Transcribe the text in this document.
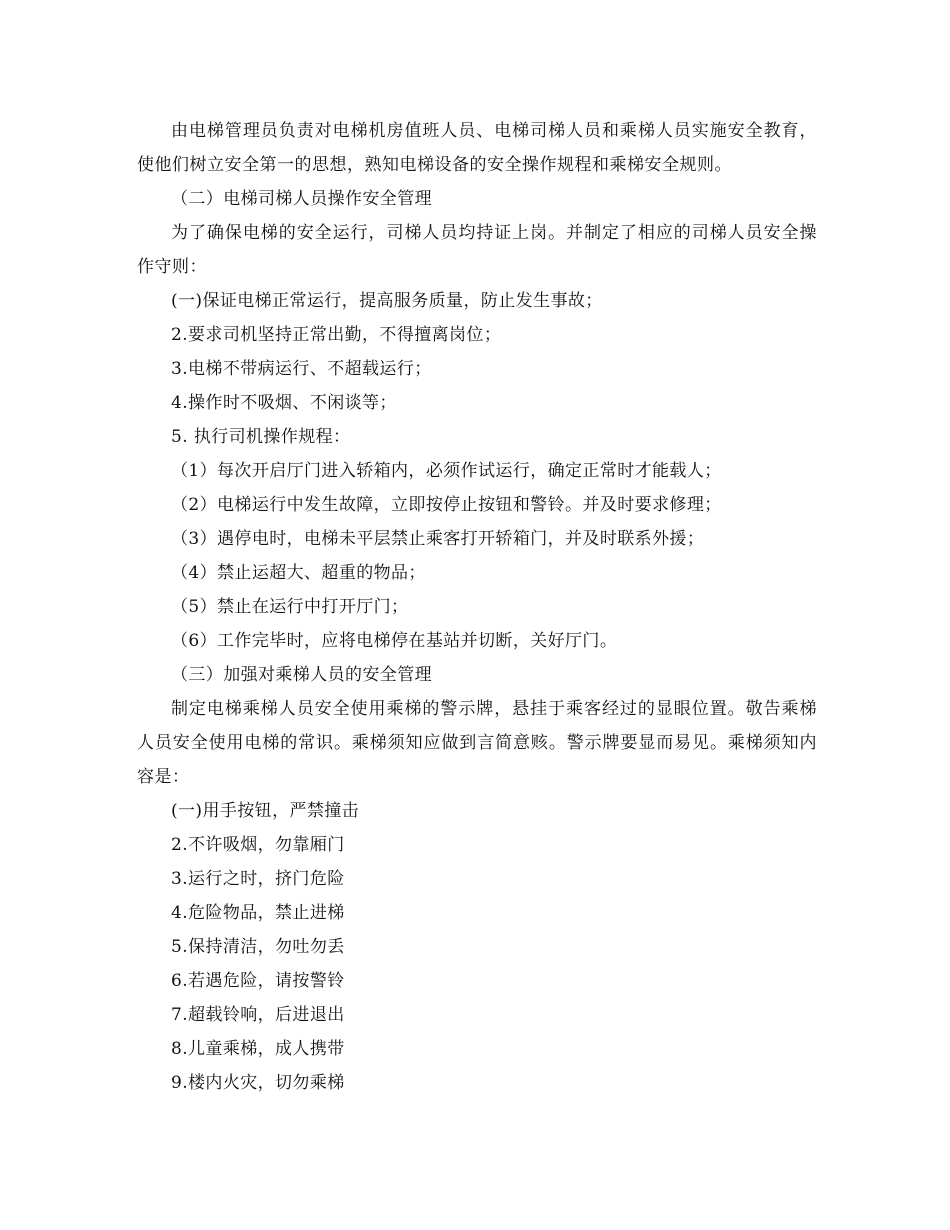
由电梯管理员负责对电梯机房值班人员、电梯司梯人员和乘梯人员实施安全教育，使他们树立安全第一的思想，熟知电梯设备的安全操作规程和乘梯安全规则。

（二）电梯司梯人员操作安全管理

为了确保电梯的安全运行，司梯人员均持证上岗。并制定了相应的司梯人员安全操作守则：

(一)保证电梯正常运行，提高服务质量，防止发生事故；

2.要求司机坚持正常出勤，不得擅离岗位；

3.电梯不带病运行、不超载运行；

4.操作时不吸烟、不闲谈等；

5. 执行司机操作规程：

（1）每次开启厅门进入轿箱内，必须作试运行，确定正常时才能载人；

（2）电梯运行中发生故障，立即按停止按钮和警铃。并及时要求修理；

（3）遇停电时，电梯未平层禁止乘客打开轿箱门，并及时联系外援；

（4）禁止运超大、超重的物品；

（5）禁止在运行中打开厅门；

（6）工作完毕时，应将电梯停在基站并切断，关好厅门。

（三）加强对乘梯人员的安全管理

制定电梯乘梯人员安全使用乘梯的警示牌，悬挂于乘客经过的显眼位置。敬告乘梯人员安全使用电梯的常识。乘梯须知应做到言简意赅。警示牌要显而易见。乘梯须知内容是：

(一)用手按钮，严禁撞击

2.不许吸烟，勿靠厢门

3.运行之时，挤门危险

4.危险物品，禁止进梯

5.保持清洁，勿吐勿丢

6.若遇危险，请按警铃

7.超载铃响，后进退出

8.儿童乘梯，成人携带

9.楼内火灾，切勿乘梯
